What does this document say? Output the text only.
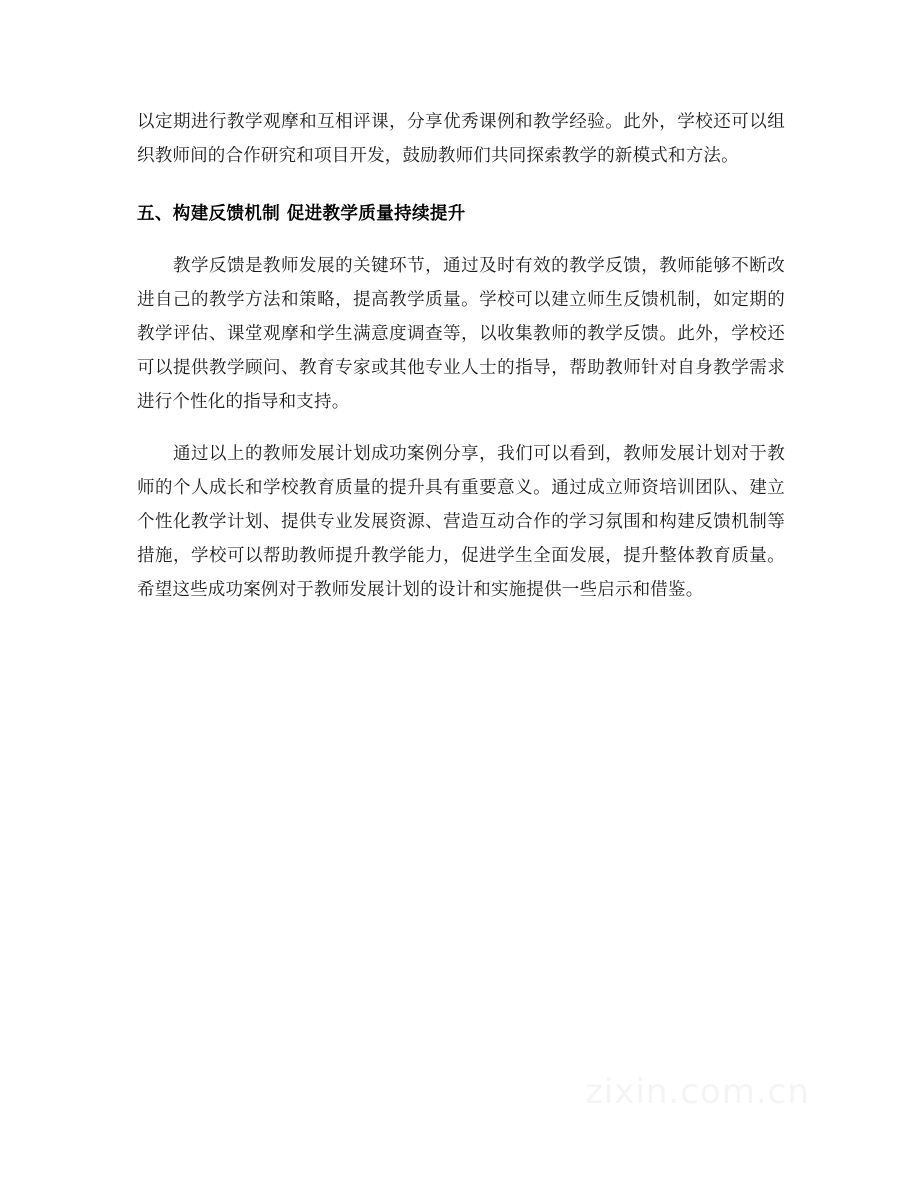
以定期进行教学观摩和互相评课，分享优秀课例和教学经验。此外，学校还可以组织教师间的合作研究和项目开发，鼓励教师们共同探索教学的新模式和方法。

五、构建反馈机制 促进教学质量持续提升

教学反馈是教师发展的关键环节，通过及时有效的教学反馈，教师能够不断改进自己的教学方法和策略，提高教学质量。学校可以建立师生反馈机制，如定期的教学评估、课堂观摩和学生满意度调查等，以收集教师的教学反馈。此外，学校还可以提供教学顾问、教育专家或其他专业人士的指导，帮助教师针对自身教学需求进行个性化的指导和支持。

通过以上的教师发展计划成功案例分享，我们可以看到，教师发展计划对于教师的个人成长和学校教育质量的提升具有重要意义。通过成立师资培训团队、建立个性化教学计划、提供专业发展资源、营造互动合作的学习氛围和构建反馈机制等措施，学校可以帮助教师提升教学能力，促进学生全面发展，提升整体教育质量。希望这些成功案例对于教师发展计划的设计和实施提供一些启示和借鉴。

zixin.com.cn
